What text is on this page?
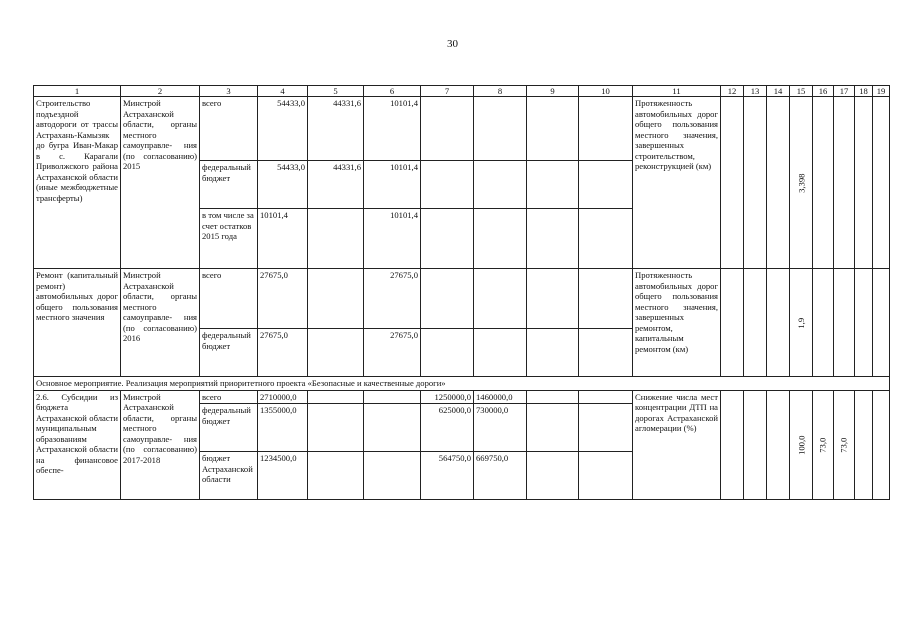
30
1	2	3	4	5	6	7	8	9	10	11	12	13	14	15	16	17	18	19
Строительство подъездной автодороги от трассы Астрахань-Камызяк до бугра Иван-Макар в с. Карагали Приволжского района Астраханской области (иные межбюджетные трансферты)	Минстрой Астраханской области, органы местного самоуправле- ния (по согласованию) 2015	всего	54433,0	44331,6	10101,4					Протяженность автомобильных дорог общего пользования местного значения, завершенных строительством, реконструкцией (км)				3,398				
		федеральный бюджет	54433,0	44331,6	10101,4													
		в том числе за счет остатков 2015 года	10101,4		10101,4													
Ремонт (капитальный ремонт) автомобильных дорог общего пользования местного значения	Минстрой Астраханской области, органы местного самоуправле- ния (по согласованию) 2016	всего	27675,0		27675,0					Протяженность автомобильных дорог общего пользования местного значения, завершенных ремонтом, капитальным ремонтом (км)				1,9				
		федеральный бюджет	27675,0		27675,0													
Основное мероприятие. Реализация мероприятий приоритетного проекта «Безопасные и качественные дороги»																		
2.6. Субсидии из бюджета Астраханской области муниципальным образованиям Астраханской области на финансовое обеспе-	Минстрой Астраханской области, органы местного самоуправле- ния (по согласованию) 2017-2018	всего	2710000,0			1250000,0	1460000,0			Снижение числа мест концентрации ДТП на дорогах Астраханской агломерации (%)				100,0	73,0	73,0		
		федеральный бюджет	1355000,0			625000,0	730000,0											
		бюджет Астраханской области	1234500,0			564750,0	669750,0											
